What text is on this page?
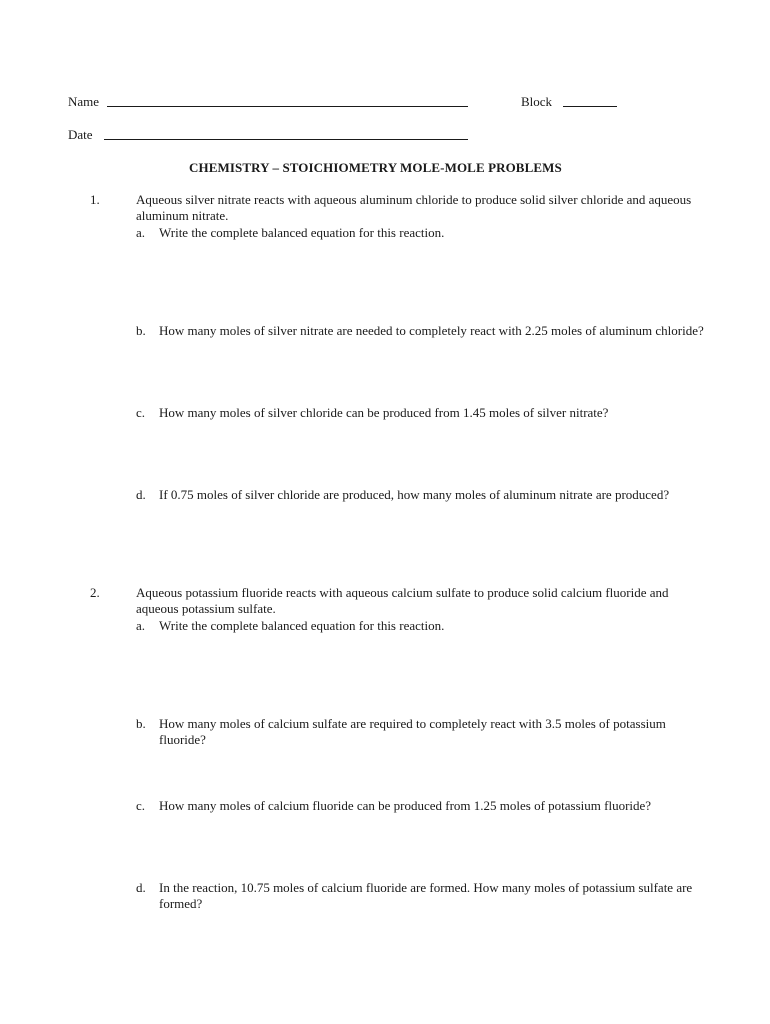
Name	Block
Date
CHEMISTRY – STOICHIOMETRY MOLE-MOLE PROBLEMS
1.	Aqueous silver nitrate reacts with aqueous aluminum chloride to produce solid silver chloride and aqueous aluminum nitrate.
a.	Write the complete balanced equation for this reaction.
b.	How many moles of silver nitrate are needed to completely react with 2.25 moles of aluminum chloride?
c.	How many moles of silver chloride can be produced from 1.45 moles of silver nitrate?
d.	If 0.75 moles of silver chloride are produced, how many moles of aluminum nitrate are produced?
2.	Aqueous potassium fluoride reacts with aqueous calcium sulfate to produce solid calcium fluoride and aqueous potassium sulfate.
a.	Write the complete balanced equation for this reaction.
b.	How many moles of calcium sulfate are required to completely react with 3.5 moles of potassium fluoride?
c.	How many moles of calcium fluoride can be produced from 1.25 moles of potassium fluoride?
d.	In the reaction, 10.75 moles of calcium fluoride are formed. How many moles of potassium sulfate are formed?
